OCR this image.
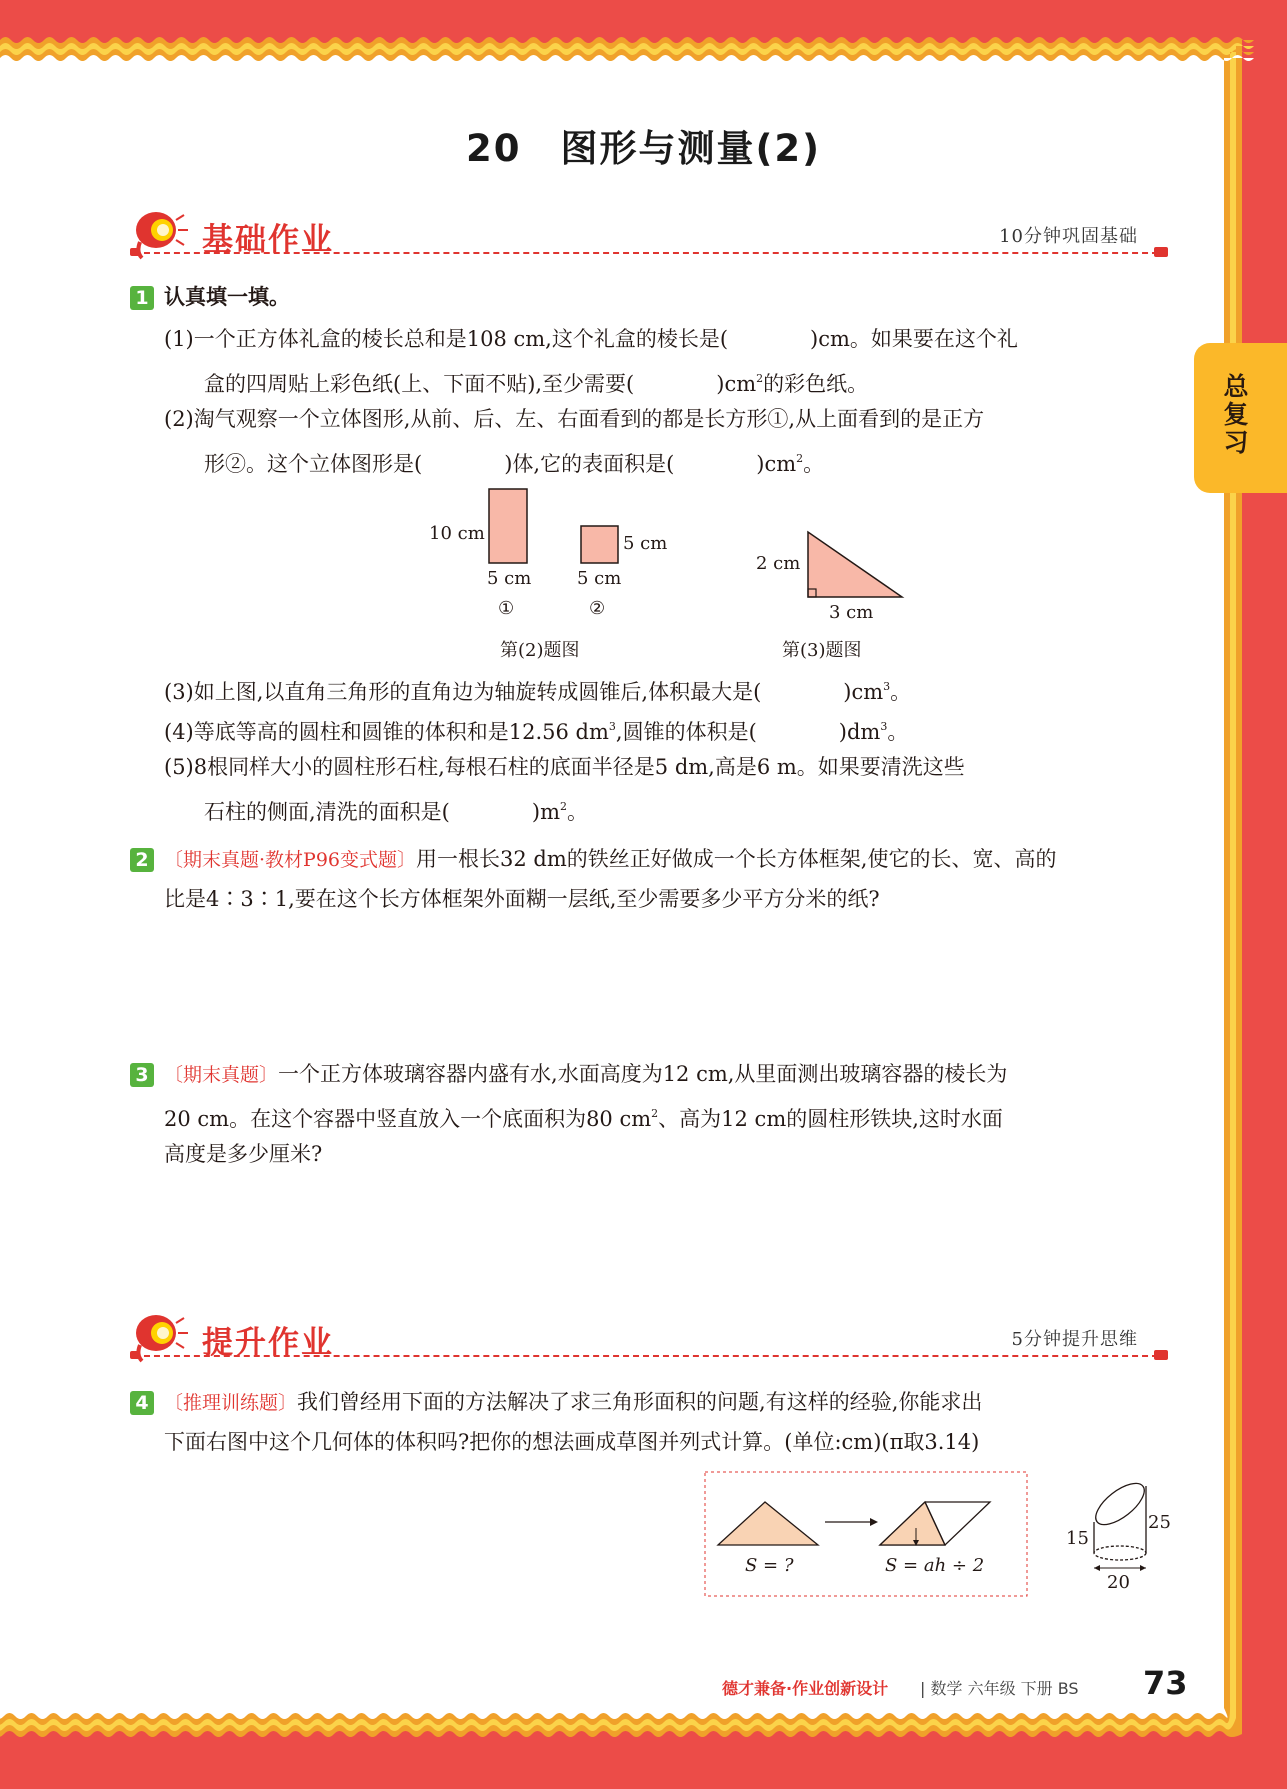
20　图形与测量(2)
总复习
基础作业	10分钟巩固基础
1 认真填一填。
(1)一个正方体礼盒的棱长总和是108 cm,这个礼盒的棱长是(	)cm。如果要在这个礼
盒的四周贴上彩色纸(上、下面不贴),至少需要(	)$cm^2$的彩色纸。
(2)淘气观察一个立体图形,从前、后、左、右面看到的都是长方形①,从上面看到的是正方
形②。这个立体图形是(	)体,它的表面积是(	)$cm^2$。
10 cm
5 cm
①
5 cm
5 cm
②
第(2)题图
2 cm
3 cm
第(3)题图
(3)如上图,以直角三角形的直角边为轴旋转成圆锥后,体积最大是(	)$cm^3$。
(4)等底等高的圆柱和圆锥的体积和是12.56 $dm^3$,圆锥的体积是(	)$dm^3$。
(5)8根同样大小的圆柱形石柱,每根石柱的底面半径是5 dm,高是6 m。如果要清洗这些
石柱的侧面,清洗的面积是(	)$m^2$。
2 〔期末真题·教材P96变式题〕用一根长32 dm的铁丝正好做成一个长方体框架,使它的长、宽、高的
比是4∶3∶1,要在这个长方体框架外面糊一层纸,至少需要多少平方分米的纸?
3 〔期末真题〕一个正方体玻璃容器内盛有水,水面高度为12 cm,从里面测出玻璃容器的棱长为
20 cm。在这个容器中竖直放入一个底面积为80 $cm^2$、高为12 cm的圆柱形铁块,这时水面
高度是多少厘米?
提升作业	5分钟提升思维
4 〔推理训练题〕我们曾经用下面的方法解决了求三角形面积的问题,有这样的经验,你能求出
下面右图中这个几何体的体积吗?把你的想法画成草图并列式计算。(单位:cm)(π取3.14)
S = ?	S = ah ÷ 2
15
25
20
德才兼备·作业创新设计 | 数学 六年级 下册 BS 73
